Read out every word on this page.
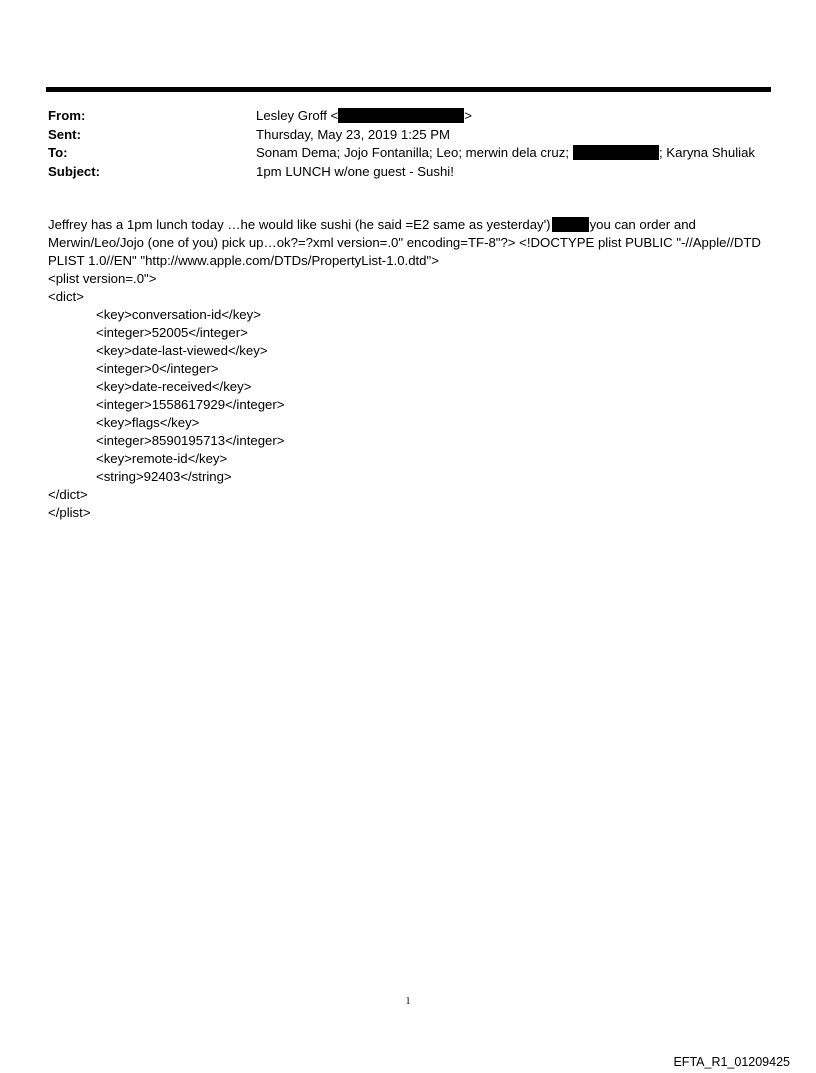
From:	Lesley Groff <	>
Sent:	Thursday, May 23, 2019 1:25 PM
To:	Sonam Dema; Jojo Fontanilla; Leo; merwin dela cruz;	; Karyna Shuliak
Subject:	1pm LUNCH w/one guest - Sushi!
Jeffrey has a 1pm lunch today …he would like sushi (he said =E2 same as yesterday')	you can order and
Merwin/Leo/Jojo (one of you) pick up…ok?=?xml version=.0" encoding=TF-8"?> <!DOCTYPE plist PUBLIC "-//Apple//DTD
PLIST 1.0//EN" "http://www.apple.com/DTDs/PropertyList-1.0.dtd">
<plist version=.0">
<dict>
<key>conversation-id</key>
<integer>52005</integer>
<key>date-last-viewed</key>
<integer>0</integer>
<key>date-received</key>
<integer>1558617929</integer>
<key>flags</key>
<integer>8590195713</integer>
<key>remote-id</key>
<string>92403</string>
</dict>
</plist>
1
EFTA_R1_01209425
